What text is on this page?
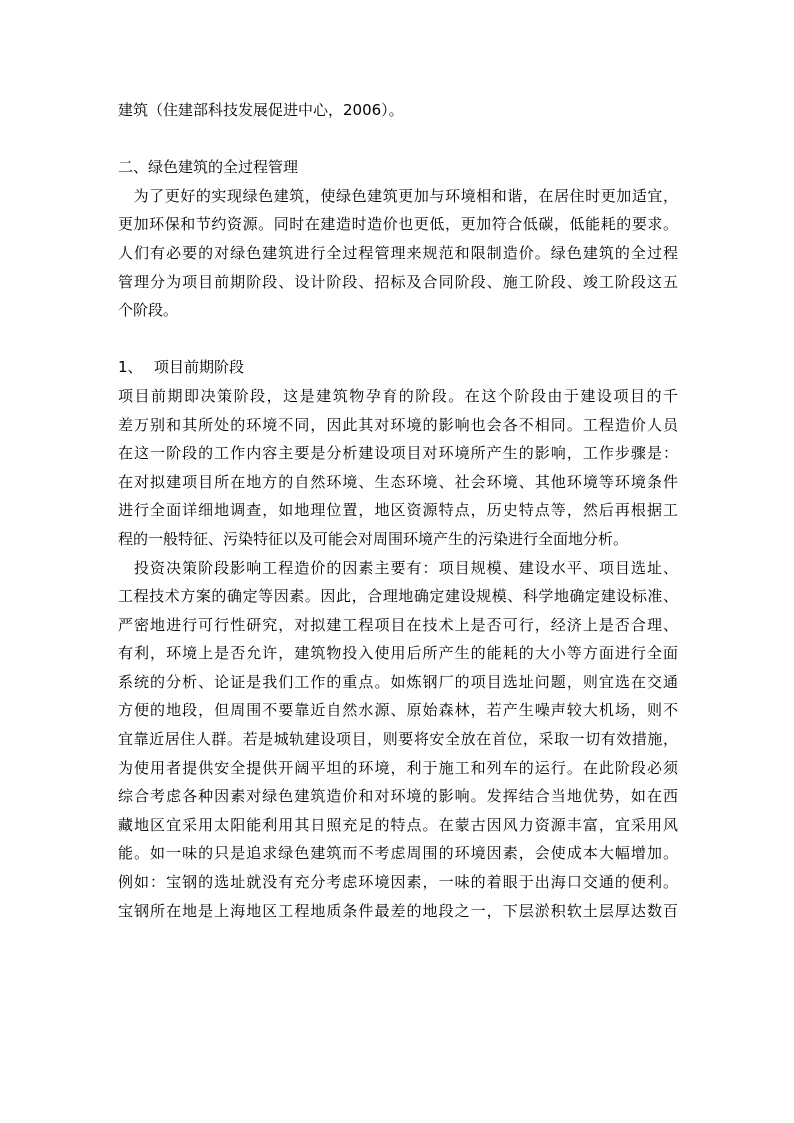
建筑（住建部科技发展促进中心，2006）。
二、绿色建筑的全过程管理
　为了更好的实现绿色建筑，使绿色建筑更加与环境相和谐，在居住时更加适宜，
更加环保和节约资源。同时在建造时造价也更低，更加符合低碳，低能耗的要求。
人们有必要的对绿色建筑进行全过程管理来规范和限制造价。绿色建筑的全过程
管理分为项目前期阶段、设计阶段、招标及合同阶段、施工阶段、竣工阶段这五
个阶段。
1、 项目前期阶段
项目前期即决策阶段，这是建筑物孕育的阶段。在这个阶段由于建设项目的千
差万别和其所处的环境不同，因此其对环境的影响也会各不相同。工程造价人员
在这一阶段的工作内容主要是分析建设项目对环境所产生的影响，工作步骤是：
在对拟建项目所在地方的自然环境、生态环境、社会环境、其他环境等环境条件
进行全面详细地调查，如地理位置，地区资源特点，历史特点等，然后再根据工
程的一般特征、污染特征以及可能会对周围环境产生的污染进行全面地分析。
　投资决策阶段影响工程造价的因素主要有：项目规模、建设水平、项目选址、
工程技术方案的确定等因素。因此，合理地确定建设规模、科学地确定建设标准、
严密地进行可行性研究，对拟建工程项目在技术上是否可行，经济上是否合理、
有利，环境上是否允许，建筑物投入使用后所产生的能耗的大小等方面进行全面
系统的分析、论证是我们工作的重点。如炼钢厂的项目选址问题，则宜选在交通
方便的地段，但周围不要靠近自然水源、原始森林，若产生噪声较大机场，则不
宜靠近居住人群。若是城轨建设项目，则要将安全放在首位，采取一切有效措施，
为使用者提供安全提供开阔平坦的环境，利于施工和列车的运行。在此阶段必须
综合考虑各种因素对绿色建筑造价和对环境的影响。发挥结合当地优势，如在西
藏地区宜采用太阳能利用其日照充足的特点。在蒙古因风力资源丰富，宜采用风
能。如一味的只是追求绿色建筑而不考虑周围的环境因素，会使成本大幅增加。
例如：宝钢的选址就没有充分考虑环境因素，一味的着眼于出海口交通的便利。
宝钢所在地是上海地区工程地质条件最差的地段之一，下层淤积软土层厚达数百
